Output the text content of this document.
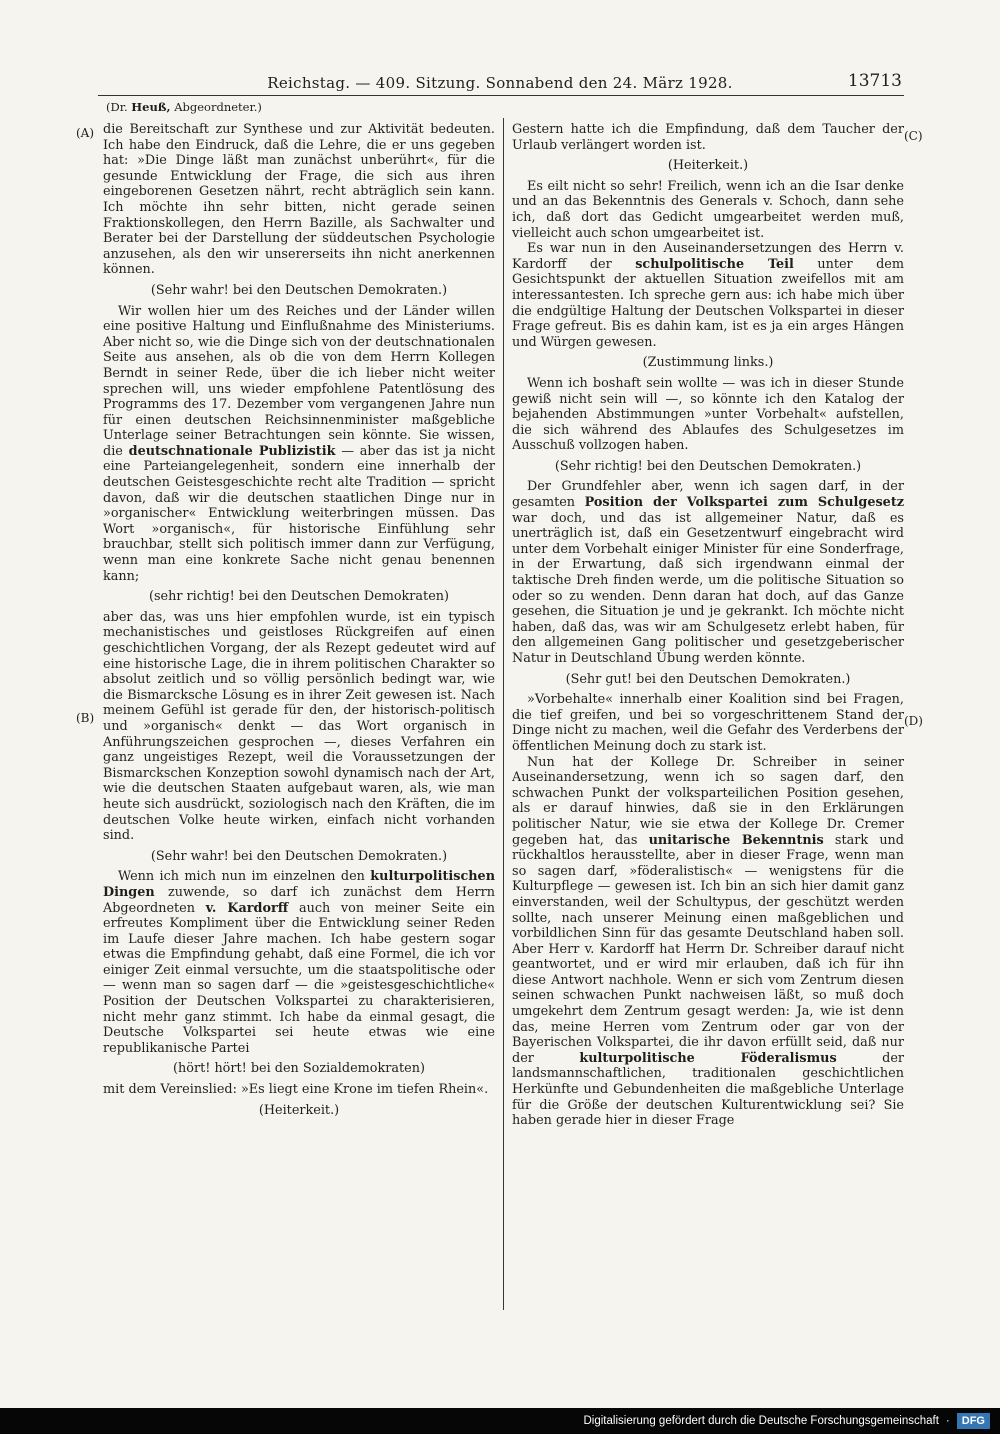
Reichstag. — 409. Sitzung. Sonnabend den 24. März 1928.	13713
(Dr. Heuß, Abgeordneter.)
(A)
(B)
(C)
(D)

die Bereitschaft zur Synthese und zur Aktivität bedeuten. Ich habe den Eindruck, daß die Lehre, die er uns gegeben hat: »Die Dinge läßt man zunächst unberührt«, für die gesunde Entwicklung der Frage, die sich aus ihren eingeborenen Gesetzen nährt, recht abträglich sein kann. Ich möchte ihn sehr bitten, nicht gerade seinen Fraktionskollegen, den Herrn Bazille, als Sachwalter und Berater bei der Darstellung der süddeutschen Psychologie anzusehen, als den wir unsererseits ihn nicht anerkennen können.

(Sehr wahr! bei den Deutschen Demokraten.)

Wir wollen hier um des Reiches und der Länder willen eine positive Haltung und Einflußnahme des Ministeriums. Aber nicht so, wie die Dinge sich von der deutschnationalen Seite aus ansehen, als ob die von dem Herrn Kollegen Berndt in seiner Rede, über die ich lieber nicht weiter sprechen will, uns wieder empfohlene Patentlösung des Programms des 17. Dezember vom vergangenen Jahre nun für einen deutschen Reichsinnenminister maßgebliche Unterlage seiner Betrachtungen sein könnte. Sie wissen, die deutschnationale Publizistik — aber das ist ja nicht eine Parteiangelegenheit, sondern eine innerhalb der deutschen Geistesgeschichte recht alte Tradition — spricht davon, daß wir die deutschen staatlichen Dinge nur in »organischer« Entwicklung weiterbringen müssen. Das Wort »organisch«, für historische Einfühlung sehr brauchbar, stellt sich politisch immer dann zur Verfügung, wenn man eine konkrete Sache nicht genau benennen kann;

(sehr richtig! bei den Deutschen Demokraten)

aber das, was uns hier empfohlen wurde, ist ein typisch mechanistisches und geistloses Rückgreifen auf einen geschichtlichen Vorgang, der als Rezept gedeutet wird auf eine historische Lage, die in ihrem politischen Charakter so absolut zeitlich und so völlig persönlich bedingt war, wie die Bismarcksche Lösung es in ihrer Zeit gewesen ist. Nach meinem Gefühl ist gerade für den, der historisch-politisch und »organisch« denkt — das Wort organisch in Anführungszeichen gesprochen —, dieses Verfahren ein ganz ungeistiges Rezept, weil die Voraussetzungen der Bismarckschen Konzeption sowohl dynamisch nach der Art, wie die deutschen Staaten aufgebaut waren, als, wie man heute sich ausdrückt, soziologisch nach den Kräften, die im deutschen Volke heute wirken, einfach nicht vorhanden sind.

(Sehr wahr! bei den Deutschen Demokraten.)

Wenn ich mich nun im einzelnen den kulturpolitischen Dingen zuwende, so darf ich zunächst dem Herrn Abgeordneten v. Kardorff auch von meiner Seite ein erfreutes Kompliment über die Entwicklung seiner Reden im Laufe dieser Jahre machen. Ich habe gestern sogar etwas die Empfindung gehabt, daß eine Formel, die ich vor einiger Zeit einmal versuchte, um die staatspolitische oder — wenn man so sagen darf — die »geistesgeschichtliche« Position der Deutschen Volkspartei zu charakterisieren, nicht mehr ganz stimmt. Ich habe da einmal gesagt, die Deutsche Volkspartei sei heute etwas wie eine republikanische Partei

(hört! hört! bei den Sozialdemokraten)

mit dem Vereinslied: »Es liegt eine Krone im tiefen Rhein«.

(Heiterkeit.)

Gestern hatte ich die Empfindung, daß dem Taucher der Urlaub verlängert worden ist.

(Heiterkeit.)

Es eilt nicht so sehr! Freilich, wenn ich an die Isar denke und an das Bekenntnis des Generals v. Schoch, dann sehe ich, daß dort das Gedicht umgearbeitet werden muß, vielleicht auch schon umgearbeitet ist.

Es war nun in den Auseinandersetzungen des Herrn v. Kardorff der schulpolitische Teil unter dem Gesichtspunkt der aktuellen Situation zweifellos mit am interessantesten. Ich spreche gern aus: ich habe mich über die endgültige Haltung der Deutschen Volkspartei in dieser Frage gefreut. Bis es dahin kam, ist es ja ein arges Hängen und Würgen gewesen.

(Zustimmung links.)

Wenn ich boshaft sein wollte — was ich in dieser Stunde gewiß nicht sein will —, so könnte ich den Katalog der bejahenden Abstimmungen »unter Vorbehalt« aufstellen, die sich während des Ablaufes des Schulgesetzes im Ausschuß vollzogen haben.

(Sehr richtig! bei den Deutschen Demokraten.)

Der Grundfehler aber, wenn ich sagen darf, in der gesamten Position der Volkspartei zum Schulgesetz war doch, und das ist allgemeiner Natur, daß es unerträglich ist, daß ein Gesetzentwurf eingebracht wird unter dem Vorbehalt einiger Minister für eine Sonderfrage, in der Erwartung, daß sich irgendwann einmal der taktische Dreh finden werde, um die politische Situation so oder so zu wenden. Denn daran hat doch, auf das Ganze gesehen, die Situation je und je gekrankt. Ich möchte nicht haben, daß das, was wir am Schulgesetz erlebt haben, für den allgemeinen Gang politischer und gesetzgeberischer Natur in Deutschland Übung werden könnte.

(Sehr gut! bei den Deutschen Demokraten.)

»Vorbehalte« innerhalb einer Koalition sind bei Fragen, die tief greifen, und bei so vorgeschrittenem Stand der Dinge nicht zu machen, weil die Gefahr des Verderbens der öffentlichen Meinung doch zu stark ist.

Nun hat der Kollege Dr. Schreiber in seiner Auseinandersetzung, wenn ich so sagen darf, den schwachen Punkt der volksparteilichen Position gesehen, als er darauf hinwies, daß sie in den Erklärungen politischer Natur, wie sie etwa der Kollege Dr. Cremer gegeben hat, das unitarische Bekenntnis stark und rückhaltlos herausstellte, aber in dieser Frage, wenn man so sagen darf, »föderalistisch« — wenigstens für die Kulturpflege — gewesen ist. Ich bin an sich hier damit ganz einverstanden, weil der Schultypus, der geschützt werden sollte, nach unserer Meinung einen maßgeblichen und vorbildlichen Sinn für das gesamte Deutschland haben soll. Aber Herr v. Kardorff hat Herrn Dr. Schreiber darauf nicht geantwortet, und er wird mir erlauben, daß ich für ihn diese Antwort nachhole. Wenn er sich vom Zentrum diesen seinen schwachen Punkt nachweisen läßt, so muß doch umgekehrt dem Zentrum gesagt werden: Ja, wie ist denn das, meine Herren vom Zentrum oder gar von der Bayerischen Volkspartei, die ihr davon erfüllt seid, daß nur der kulturpolitische Föderalismus der landsmannschaftlichen, traditionalen geschichtlichen Herkünfte und Gebundenheiten die maßgebliche Unterlage für die Größe der deutschen Kulturentwicklung sei? Sie haben gerade hier in dieser Frage

Digitalisierung gefördert durch die Deutsche Forschungsgemeinschaft ·	DFG
